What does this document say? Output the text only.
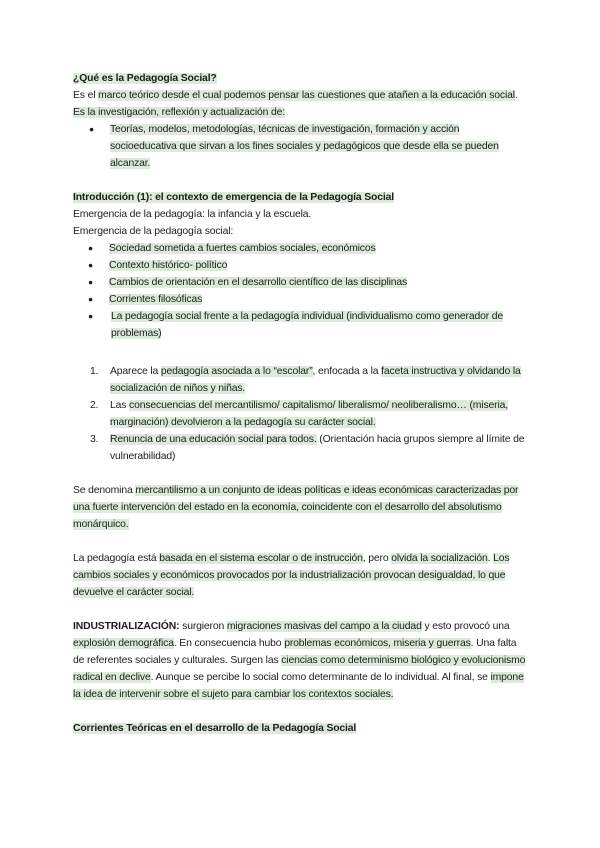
¿Qué es la Pedagogía Social?

Es el marco teórico desde el cual podemos pensar las cuestiones que atañen a la educación social.

Es la investigación, reflexión y actualización de:

● Teorías, modelos, metodologías, técnicas de investigación, formación y acción socioeducativa que sirvan a los fines sociales y pedagógicos que desde ella se pueden alcanzar.

Introducción (1): el contexto de emergencia de la Pedagogía Social

Emergencia de la pedagogía: la infancia y la escuela.

Emergencia de la pedagogía social:

● Sociedad sometida a fuertes cambios sociales, económicos
● Contexto histórico- político
● Cambios de orientación en el desarrollo científico de las disciplinas
● Corrientes filosóficas
● La pedagogía social frente a la pedagogía individual (individualismo como generador de problemas)
1. Aparece la pedagogía asociada a lo “escolar”, enfocada a la faceta instructiva y olvidando la socialización de niños y niñas.
2. Las consecuencias del mercantilismo/ capitalismo/ liberalismo/ neoliberalismo… (miseria, marginación) devolvieron a la pedagogía su carácter social.
3. Renuncia de una educación social para todos. (Orientación hacia grupos siempre al límite de vulnerabilidad)

Se denomina mercantilismo a un conjunto de ideas políticas e ideas económicas caracterizadas por una fuerte intervención del estado en la economía, coincidente con el desarrollo del absolutismo monárquico.

La pedagogía está basada en el sistema escolar o de instrucción, pero olvida la socialización. Los cambios sociales y económicos provocados por la industrialización provocan desigualdad, lo que devuelve el carácter social.

INDUSTRIALIZACIÓN: surgieron migraciones masivas del campo a la ciudad y esto provocó una explosión demográfica. En consecuencia hubo problemas económicos, miseria y guerras. Una falta de referentes sociales y culturales. Surgen las ciencias como determinismo biológico y evolucionismo radical en declive. Aunque se percibe lo social como determinante de lo individual. Al final, se impone la idea de intervenir sobre el sujeto para cambiar los contextos sociales.

Corrientes Teóricas en el desarrollo de la Pedagogía Social
